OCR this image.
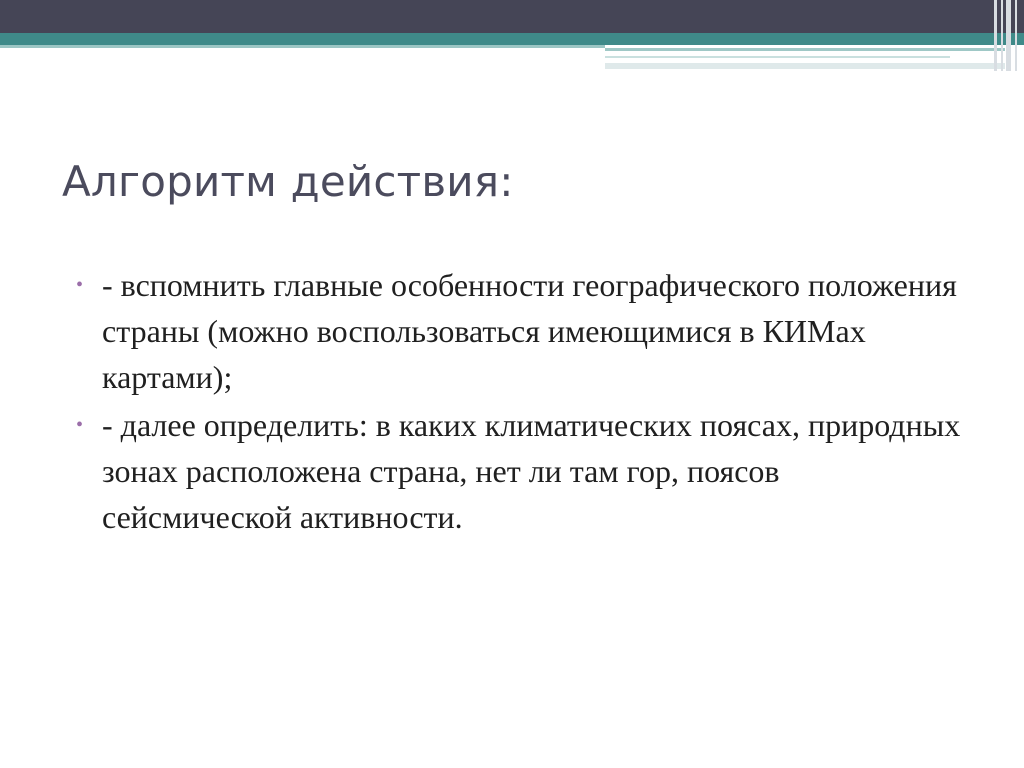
Алгоритм действия:
• - вспомнить главные особенности географического положения страны (можно воспользоваться имеющимися в КИМах картами);
• - далее определить: в каких климатических поясах, природных зонах расположена страна, нет ли там гор, поясов сейсмической активности.
